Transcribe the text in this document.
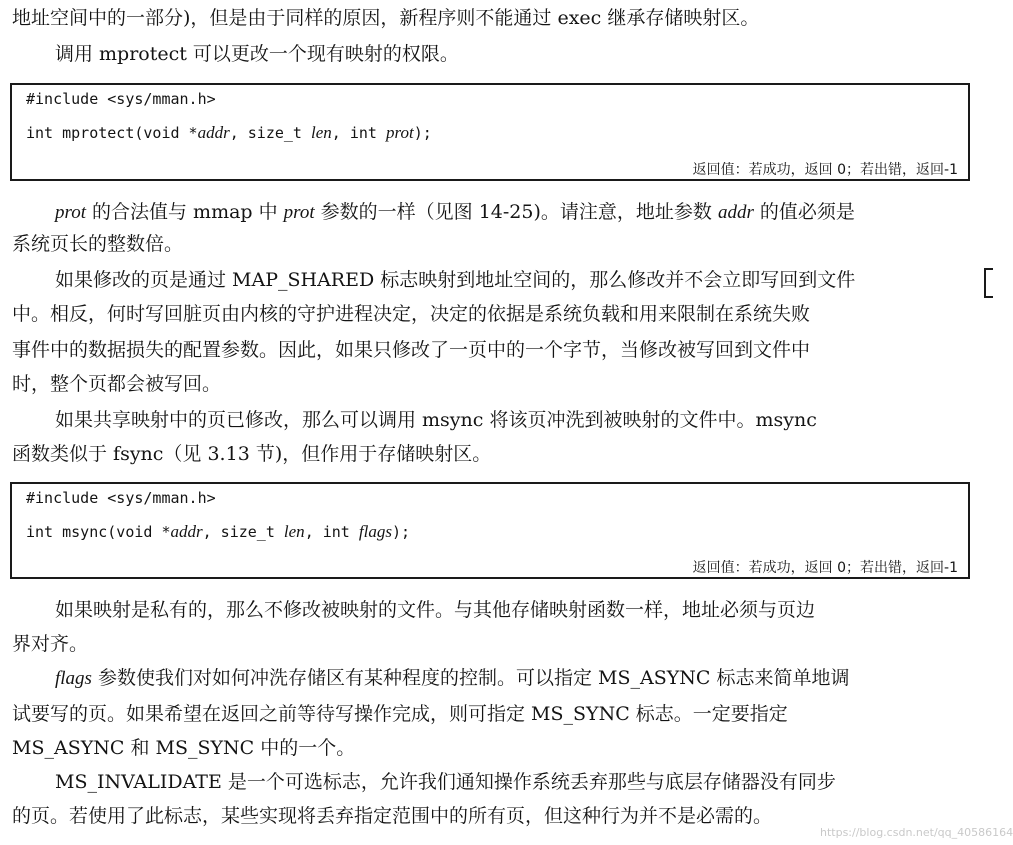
地址空间中的一部分)，但是由于同样的原因，新程序则不能通过 exec 继承存储映射区。
调用 mprotect 可以更改一个现有映射的权限。
#include <sys/mman.h>
int mprotect(void *addr, size_t len, int prot);
返回值：若成功，返回 0；若出错，返回-1
prot 的合法值与 mmap 中 prot 参数的一样（见图 14-25)。请注意，地址参数 addr 的值必须是
系统页长的整数倍。
如果修改的页是通过 MAP_SHARED 标志映射到地址空间的，那么修改并不会立即写回到文件
中。相反，何时写回脏页由内核的守护进程决定，决定的依据是系统负载和用来限制在系统失败
事件中的数据损失的配置参数。因此，如果只修改了一页中的一个字节，当修改被写回到文件中
时，整个页都会被写回。
如果共享映射中的页已修改，那么可以调用 msync 将该页冲洗到被映射的文件中。msync
函数类似于 fsync（见 3.13 节)，但作用于存储映射区。
#include <sys/mman.h>
int msync(void *addr, size_t len, int flags);
返回值：若成功，返回 0；若出错，返回-1
如果映射是私有的，那么不修改被映射的文件。与其他存储映射函数一样，地址必须与页边
界对齐。
flags 参数使我们对如何冲洗存储区有某种程度的控制。可以指定 MS_ASYNC 标志来简单地调
试要写的页。如果希望在返回之前等待写操作完成，则可指定 MS_SYNC 标志。一定要指定
MS_ASYNC 和 MS_SYNC 中的一个。
MS_INVALIDATE 是一个可选标志，允许我们通知操作系统丢弃那些与底层存储器没有同步
的页。若使用了此标志，某些实现将丢弃指定范围中的所有页，但这种行为并不是必需的。
https://blog.csdn.net/qq_40586164
